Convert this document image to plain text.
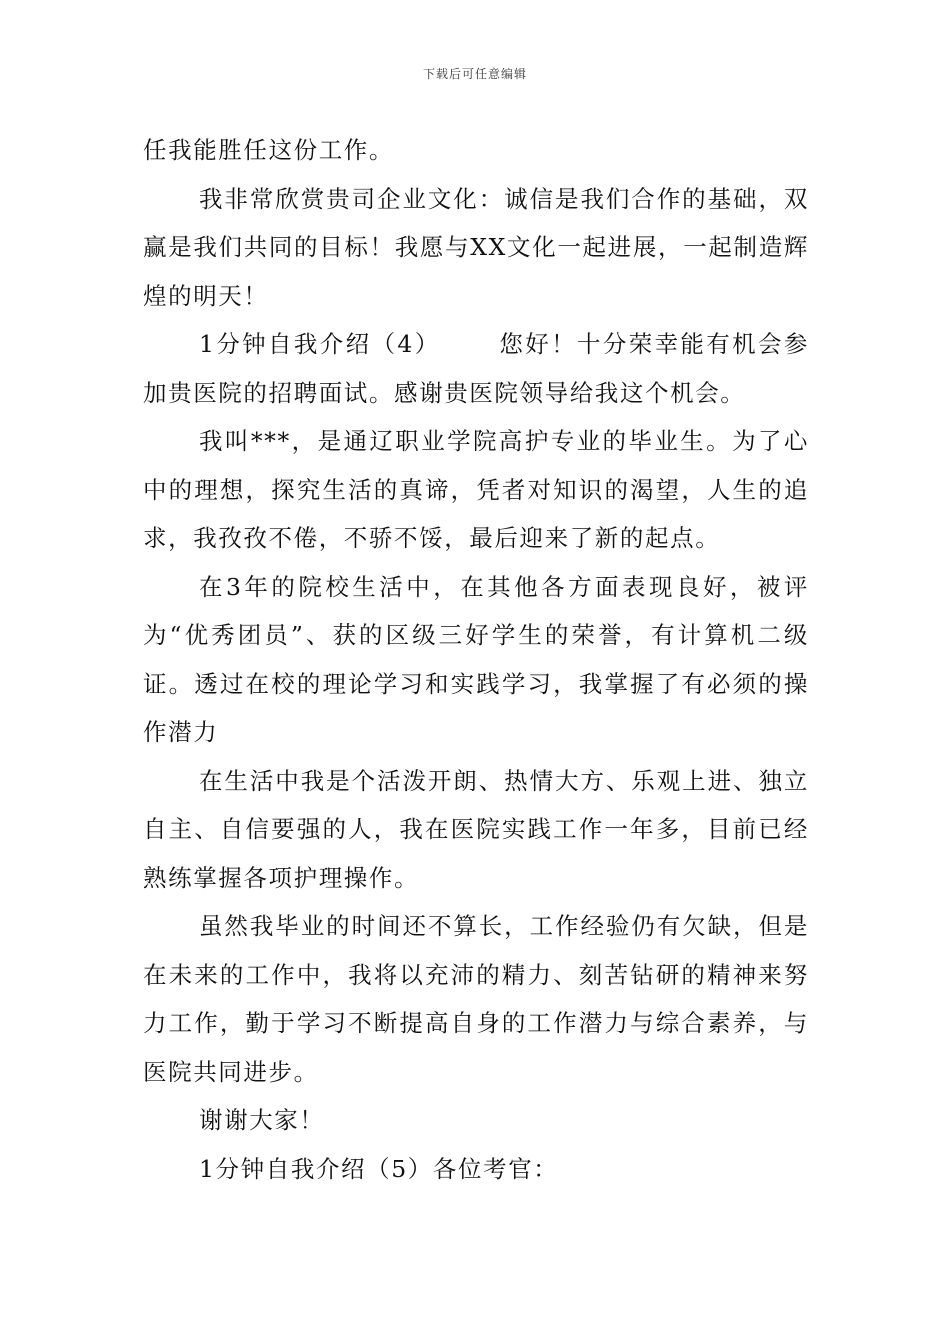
下载后可任意编辑

任我能胜任这份工作。

我非常欣赏贵司企业文化：诚信是我们合作的基础，双赢是我们共同的目标！我愿与XX文化一起进展，一起制造辉煌的明天！

1分钟自我介绍（4） 您好！十分荣幸能有机会参加贵医院的招聘面试。感谢贵医院领导给我这个机会。

我叫***，是通辽职业学院高护专业的毕业生。为了心中的理想，探究生活的真谛，凭者对知识的渴望，人生的追求，我孜孜不倦，不骄不馁，最后迎来了新的起点。

在3年的院校生活中，在其他各方面表现良好，被评为“优秀团员”、获的区级三好学生的荣誉，有计算机二级证。透过在校的理论学习和实践学习，我掌握了有必须的操作潜力

在生活中我是个活泼开朗、热情大方、乐观上进、独立自主、自信要强的人，我在医院实践工作一年多，目前已经熟练掌握各项护理操作。

虽然我毕业的时间还不算长，工作经验仍有欠缺，但是在未来的工作中，我将以充沛的精力、刻苦钻研的精神来努力工作，勤于学习不断提高自身的工作潜力与综合素养，与医院共同进步。

谢谢大家！

1分钟自我介绍（5）各位考官：
